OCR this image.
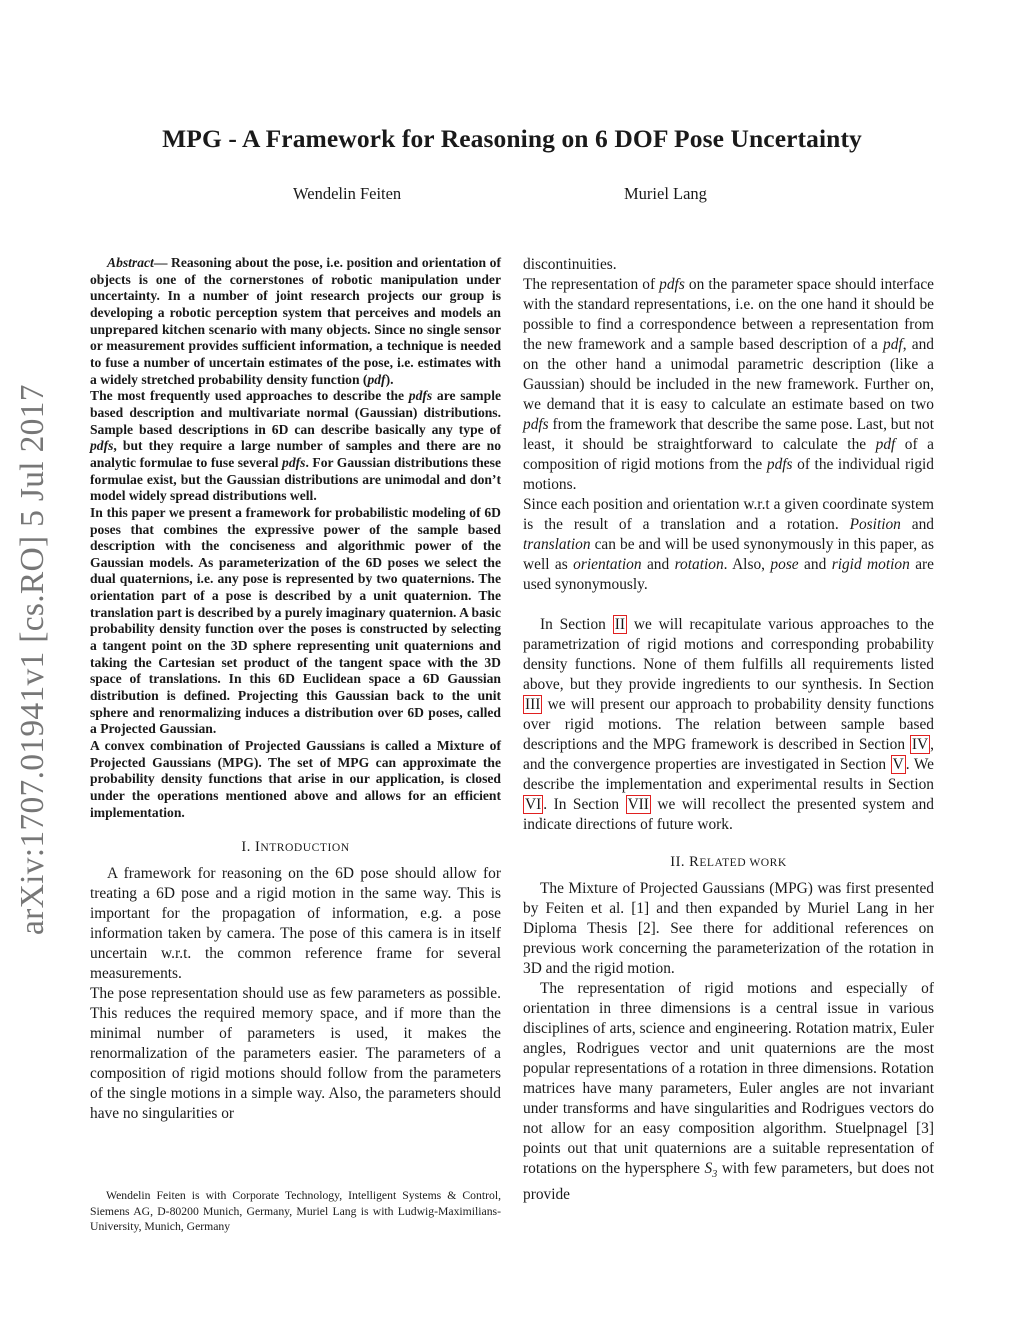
MPG - A Framework for Reasoning on 6 DOF Pose Uncertainty
Wendelin Feiten	Muriel Lang
arXiv:1707.01941v1 [cs.RO] 5 Jul 2017

Abstract— Reasoning about the pose, i.e. position and orientation of objects is one of the cornerstones of robotic manipulation under uncertainty. In a number of joint research projects our group is developing a robotic perception system that perceives and models an unprepared kitchen scenario with many objects. Since no single sensor or measurement provides sufficient information, a technique is needed to fuse a number of uncertain estimates of the pose, i.e. estimates with a widely stretched probability density function (pdf).

The most frequently used approaches to describe the pdfs are sample based description and multivariate normal (Gaussian) distributions. Sample based descriptions in 6D can describe basically any type of pdfs, but they require a large number of samples and there are no analytic formulae to fuse several pdfs. For Gaussian distributions these formulae exist, but the Gaussian distributions are unimodal and don’t model widely spread distributions well.

In this paper we present a framework for probabilistic modeling of 6D poses that combines the expressive power of the sample based description with the conciseness and algorithmic power of the Gaussian models. As parameterization of the 6D poses we select the dual quaternions, i.e. any pose is represented by two quaternions. The orientation part of a pose is described by a unit quaternion. The translation part is described by a purely imaginary quaternion. A basic probability density function over the poses is constructed by selecting a tangent point on the 3D sphere representing unit quaternions and taking the Cartesian set product of the tangent space with the 3D space of translations. In this 6D Euclidean space a 6D Gaussian distribution is defined. Projecting this Gaussian back to the unit sphere and renormalizing induces a distribution over 6D poses, called a Projected Gaussian.

A convex combination of Projected Gaussians is called a Mixture of Projected Gaussians (MPG). The set of MPG can approximate the probability density functions that arise in our application, is closed under the operations mentioned above and allows for an efficient implementation.

I. INTRODUCTION

A framework for reasoning on the 6D pose should allow for treating a 6D pose and a rigid motion in the same way. This is important for the propagation of information, e.g. a pose information taken by camera. The pose of this camera is in itself uncertain w.r.t. the common reference frame for several measurements.

The pose representation should use as few parameters as possible. This reduces the required memory space, and if more than the minimal number of parameters is used, it makes the renormalization of the parameters easier. The parameters of a composition of rigid motions should follow from the parameters of the single motions in a simple way. Also, the parameters should have no singularities or

Wendelin Feiten is with Corporate Technology, Intelligent Systems & Control, Siemens AG, D-80200 Munich, Germany, Muriel Lang is with Ludwig-Maximilians-University, Munich, Germany

discontinuities.

The representation of pdfs on the parameter space should interface with the standard representations, i.e. on the one hand it should be possible to find a correspondence between a representation from the new framework and a sample based description of a pdf, and on the other hand a unimodal parametric description (like a Gaussian) should be included in the new framework. Further on, we demand that it is easy to calculate an estimate based on two pdfs from the framework that describe the same pose. Last, but not least, it should be straightforward to calculate the pdf of a composition of rigid motions from the pdfs of the individual rigid motions.

Since each position and orientation w.r.t a given coordinate system is the result of a translation and a rotation. Position and translation can be and will be used synonymously in this paper, as well as orientation and rotation. Also, pose and rigid motion are used synonymously.

In Section II we will recapitulate various approaches to the parametrization of rigid motions and corresponding probability density functions. None of them fulfills all requirements listed above, but they provide ingredients to our synthesis. In Section III we will present our approach to probability density functions over rigid motions. The relation between sample based descriptions and the MPG framework is described in Section IV , and the convergence properties are investigated in Section V . We describe the implementation and experimental results in Section VI . In Section VII we will recollect the presented system and indicate directions of future work.

II. RELATED WORK

The Mixture of Projected Gaussians (MPG) was first presented by Feiten et al. [1] and then expanded by Muriel Lang in her Diploma Thesis [2]. See there for additional references on previous work concerning the parameterization of the rotation in 3D and the rigid motion.

The representation of rigid motions and especially of orientation in three dimensions is a central issue in various disciplines of arts, science and engineering. Rotation matrix, Euler angles, Rodrigues vector and unit quaternions are the most popular representations of a rotation in three dimensions. Rotation matrices have many parameters, Euler angles are not invariant under transforms and have singularities and Rodrigues vectors do not allow for an easy composition algorithm. Stuelpnagel [3] points out that unit quaternions are a suitable representation of rotations on the hypersphere $S_3$ with few parameters, but does not provide
